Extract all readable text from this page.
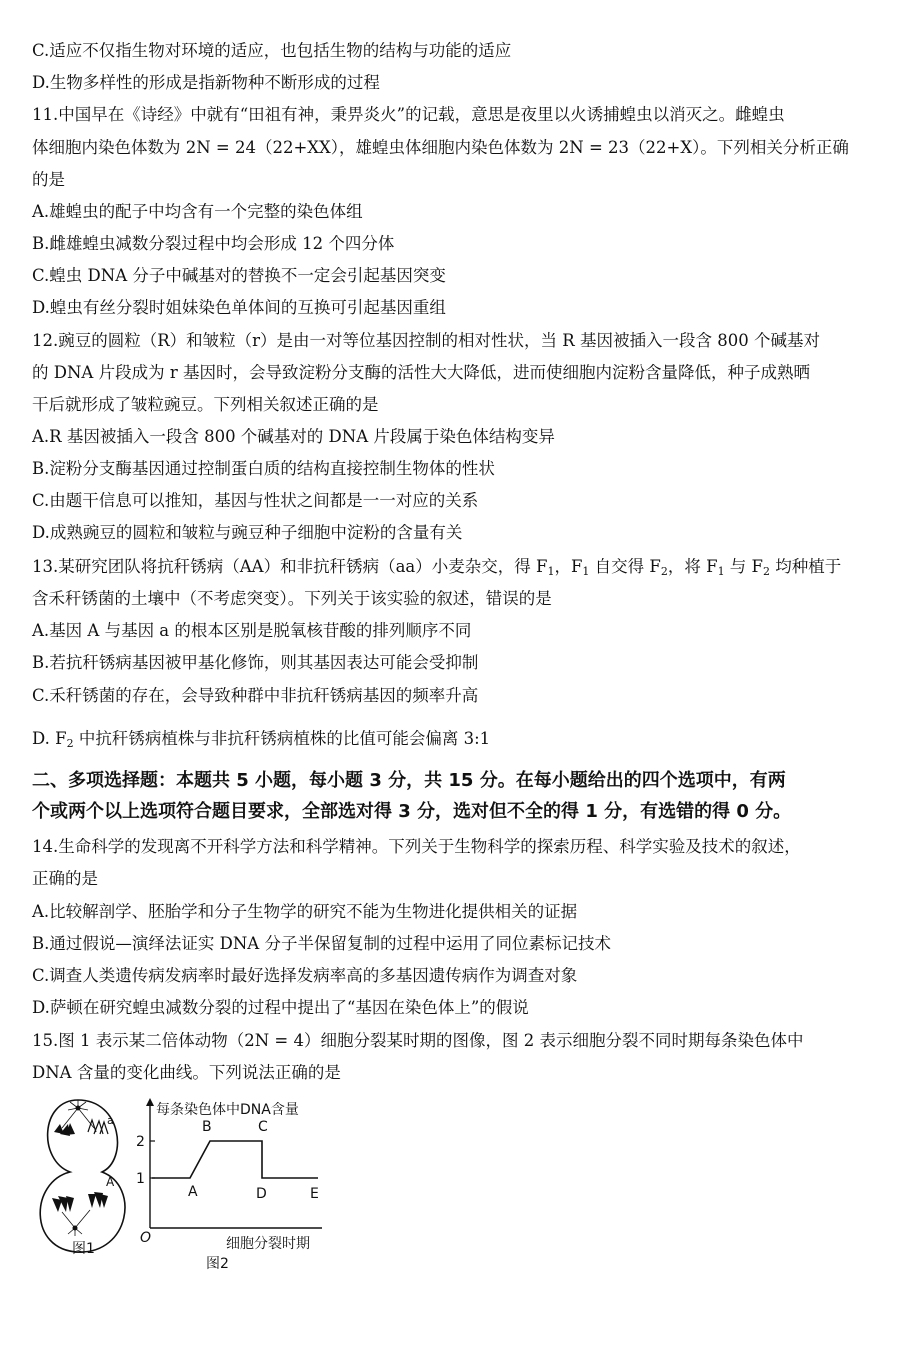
C.适应不仅指生物对环境的适应，也包括生物的结构与功能的适应
D.生物多样性的形成是指新物种不断形成的过程
11.中国早在《诗经》中就有“田祖有神，秉畀炎火”的记载，意思是夜里以火诱捕蝗虫以消灭之。雌蝗虫
体细胞内染色体数为 2N = 24（22+XX），雄蝗虫体细胞内染色体数为 2N = 23（22+X）。下列相关分析正确
的是
A.雄蝗虫的配子中均含有一个完整的染色体组
B.雌雄蝗虫减数分裂过程中均会形成 12 个四分体
C.蝗虫 DNA 分子中碱基对的替换不一定会引起基因突变
D.蝗虫有丝分裂时姐妹染色单体间的互换可引起基因重组
12.豌豆的圆粒（R）和皱粒（r）是由一对等位基因控制的相对性状，当 R 基因被插入一段含 800 个碱基对
的 DNA 片段成为 r 基因时，会导致淀粉分支酶的活性大大降低，进而使细胞内淀粉含量降低，种子成熟晒
干后就形成了皱粒豌豆。下列相关叙述正确的是
A.R 基因被插入一段含 800 个碱基对的 DNA 片段属于染色体结构变异
B.淀粉分支酶基因通过控制蛋白质的结构直接控制生物体的性状
C.由题干信息可以推知，基因与性状之间都是一一对应的关系
D.成熟豌豆的圆粒和皱粒与豌豆种子细胞中淀粉的含量有关
13.某研究团队将抗秆锈病（AA）和非抗秆锈病（aa）小麦杂交，得 $F_1$，$F_1$ 自交得 $F_2$，将 $F_1$ 与 $F_2$ 均种植于
含禾秆锈菌的土壤中（不考虑突变）。下列关于该实验的叙述，错误的是
A.基因 A 与基因 a 的根本区别是脱氧核苷酸的排列顺序不同
B.若抗秆锈病基因被甲基化修饰，则其基因表达可能会受抑制
C.禾秆锈菌的存在，会导致种群中非抗秆锈病基因的频率升高
D. $F_2$ 中抗秆锈病植株与非抗秆锈病植株的比值可能会偏离 3:1
二、多项选择题：本题共 5 小题，每小题 3 分，共 15 分。在每小题给出的四个选项中，有两
个或两个以上选项符合题目要求，全部选对得 3 分，选对但不全的得 1 分，有选错的得 0 分。
14.生命科学的发现离不开科学方法和科学精神。下列关于生物科学的探索历程、科学实验及技术的叙述，
正确的是
A.比较解剖学、胚胎学和分子生物学的研究不能为生物进化提供相关的证据
B.通过假说—演绎法证实 DNA 分子半保留复制的过程中运用了同位素标记技术
C.调查人类遗传病发病率时最好选择发病率高的多基因遗传病作为调查对象
D.萨顿在研究蝗虫减数分裂的过程中提出了“基因在染色体上”的假说
15.图 1 表示某二倍体动物（2N = 4）细胞分裂某时期的图像，图 2 表示细胞分裂不同时期每条染色体中
DNA 含量的变化曲线。下列说法正确的是
a
A
图1
每条染色体中DNA含量
细胞分裂时期
O
2
1
A
B	C
D	E
图2
